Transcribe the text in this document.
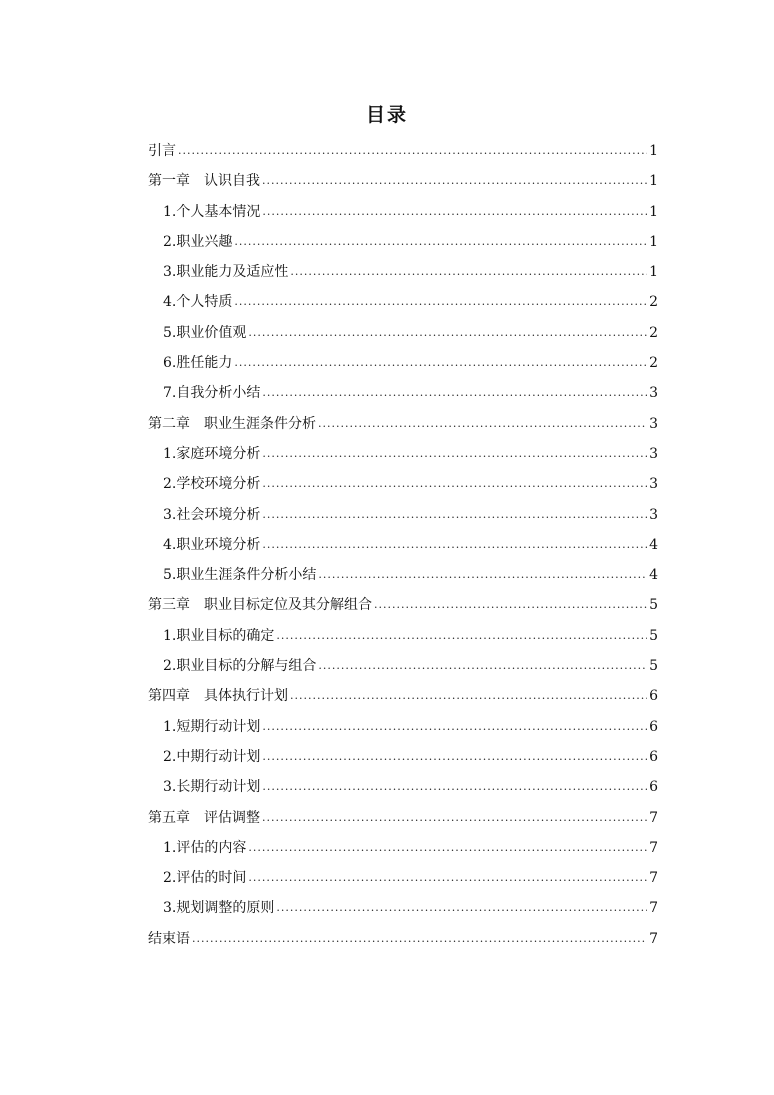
目录
引言 .....	1
第一章　认识自我 .....	1
1.个人基本情况 .....	1
2.职业兴趣 .....	1
3.职业能力及适应性 .....	1
4.个人特质 .....	2
5.职业价值观 .....	2
6.胜任能力 .....	2
7.自我分析小结 .....	3
第二章　职业生涯条件分析 .....	3
1.家庭环境分析 .....	3
2.学校环境分析 .....	3
3.社会环境分析 .....	3
4.职业环境分析 .....	4
5.职业生涯条件分析小结 .....	4
第三章　职业目标定位及其分解组合 .....	5
1.职业目标的确定 .....	5
2.职业目标的分解与组合 .....	5
第四章　具体执行计划 .....	6
1.短期行动计划 .....	6
2.中期行动计划 .....	6
3.长期行动计划 .....	6
第五章　评估调整 .....	7
1.评估的内容 .....	7
2.评估的时间 .....	7
3.规划调整的原则 .....	7
结束语 .....	7
